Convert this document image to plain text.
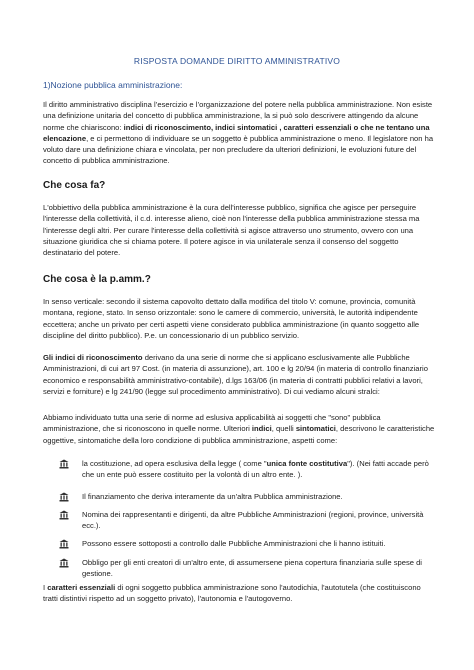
RISPOSTA DOMANDE DIRITTO AMMINISTRATIVO
1)Nozione pubblica amministrazione:
Il diritto amministrativo disciplina l’esercizio e l’organizzazione del potere nella pubblica amministrazione. Non esiste una definizione unitaria del concetto di pubblica amministrazione, la si può solo descrivere attingendo da alcune norme che chiariscono: indici di riconoscimento, indici sintomatici , caratteri essenziali o che ne tentano una elencazione, e ci permettono di individuare se un soggetto è pubblica amministrazione o meno. Il legislatore non ha voluto dare una definizione chiara e vincolata, per non precludere da ulteriori definizioni, le evoluzioni future del concetto di pubblica amministrazione.
Che cosa fa?
L'obbiettivo della pubblica amministrazione è la cura dell'interesse pubblico, significa che agisce per perseguire l'interesse della collettività, il c.d. interesse alieno, cioè non l'interesse della pubblica amministrazione stessa ma l'interesse degli altri. Per curare l'interesse della collettività si agisce attraverso uno strumento, ovvero con una situazione giuridica che si chiama potere. Il potere agisce in via unilaterale senza il consenso del soggetto destinatario del potere.
Che cosa è la p.amm.?
In senso verticale: secondo il sistema capovolto dettato dalla modifica del titolo V: comune, provincia, comunità montana, regione, stato. In senso orizzontale: sono le camere di commercio, università, le autorità indipendente eccettera; anche un privato per certi aspetti viene considerato pubblica amministrazione (in quanto soggetto alle discipline del diritto pubblico). P.e. un concessionario di un pubblico servizio.
Gli indici di riconoscimento derivano da una serie di norme che si applicano esclusivamente alle Pubbliche Amministrazioni, di cui art 97 Cost. (in materia di assunzione), art. 100 e lg 20/94 (in materia di controllo finanziario economico e responsabilità amministrativo-contabile), d.lgs 163/06 (in materia di contratti pubblici relativi a lavori, servizi e forniture) e lg 241/90 (legge sul procedimento amministrativo). Di cui vediamo alcuni stralci:
Abbiamo individuato tutta una serie di norme ad eslusiva applicabilità ai soggetti che "sono" pubblica amministrazione, che si riconoscono in quelle norme. Ulteriori indici, quelli sintomatici, descrivono le caratteristiche oggettive, sintomatiche della loro condizione di pubblica amministrazione, aspetti come:
la costituzione, ad opera esclusiva della legge ( come "unica fonte costitutiva"). (Nei fatti accade però che un ente può essere costituito per la volontà di un altro ente. ).
Il finanziamento che deriva interamente da un'altra Pubblica amministrazione.
Nomina dei rappresentanti e dirigenti, da altre Pubbliche Amministrazioni (regioni, province, università ecc.).
Possono essere sottoposti a controllo dalle Pubbliche Amministrazioni che li hanno istituiti.
Obbligo per gli enti creatori di un'altro ente, di assumersene piena copertura finanziaria sulle spese di gestione.
I caratteri essenziali di ogni soggetto pubblica amministrazione sono l'autodichia, l'autotutela (che costituiscono tratti distintivi rispetto ad un soggetto privato), l'autonomia e l'autogoverno.
